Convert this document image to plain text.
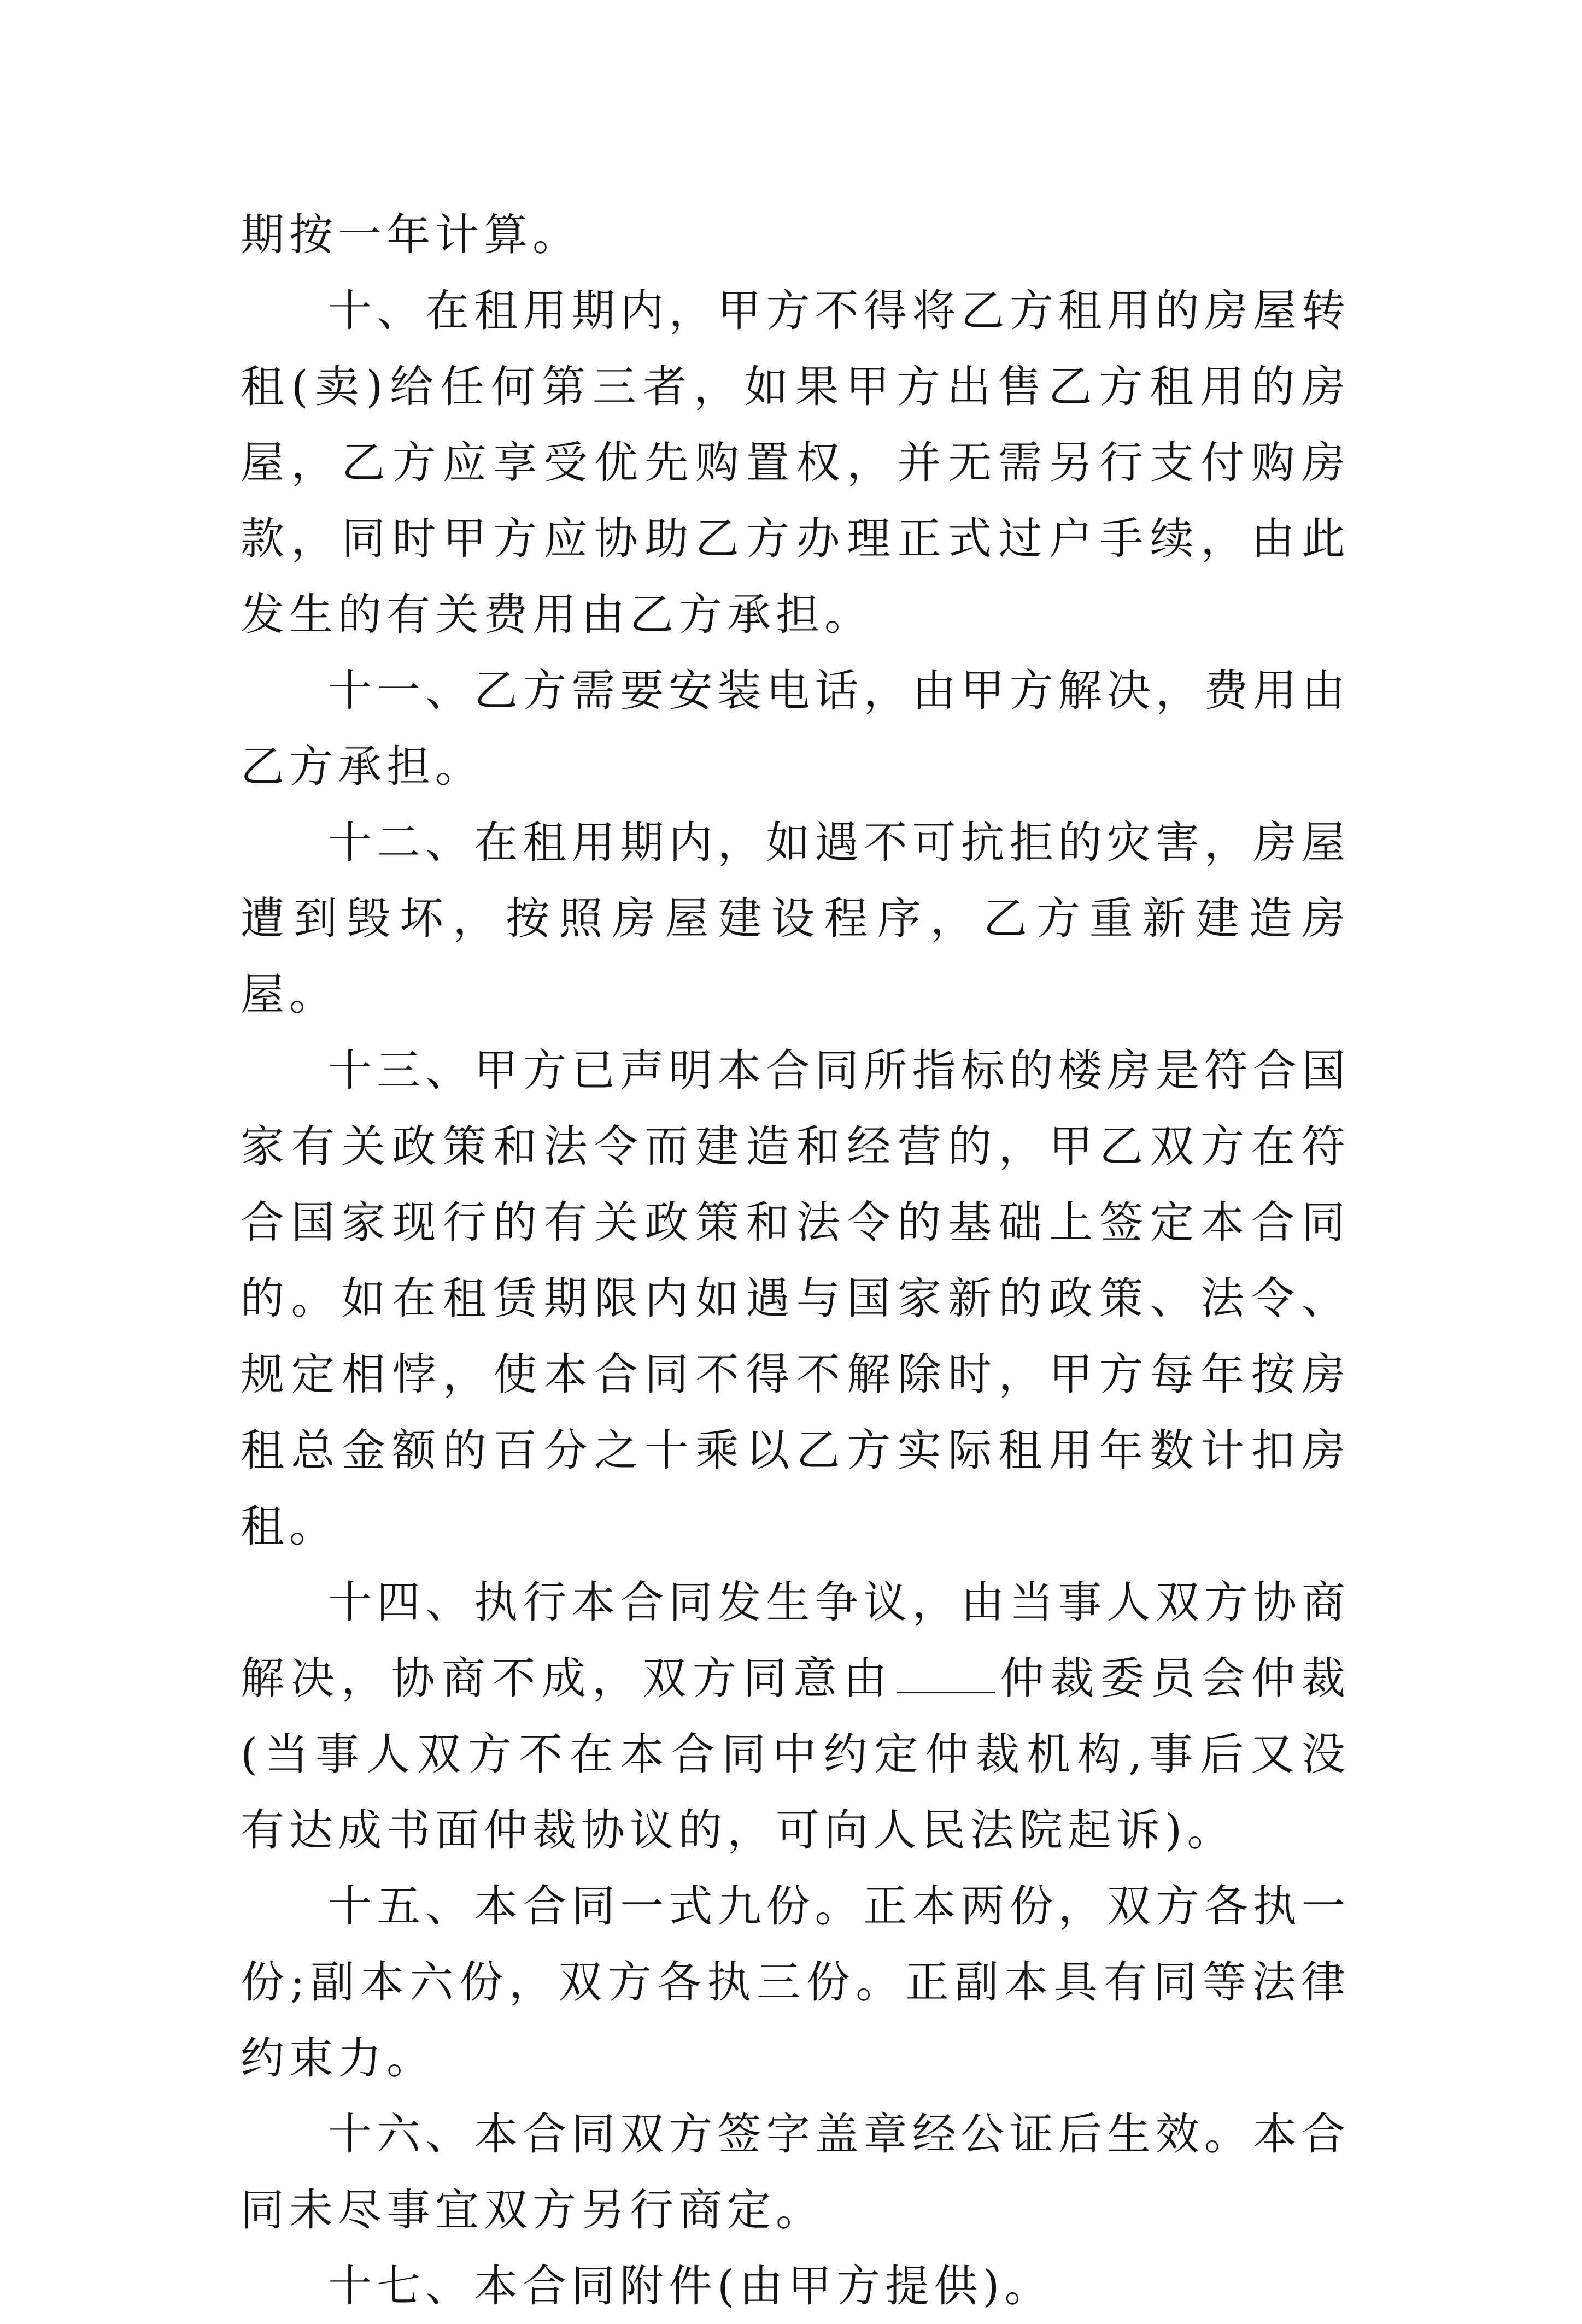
期按一年计算。

十、在租用期内，甲方不得将乙方租用的房屋转租(卖)给任何第三者，如果甲方出售乙方租用的房屋，乙方应享受优先购置权，并无需另行支付购房款，同时甲方应协助乙方办理正式过户手续，由此发生的有关费用由乙方承担。

十一、乙方需要安装电话，由甲方解决，费用由乙方承担。

十二、在租用期内，如遇不可抗拒的灾害，房屋遭到毁坏，按照房屋建设程序，乙方重新建造房屋。

十三、甲方已声明本合同所指标的楼房是符合国家有关政策和法令而建造和经营的，甲乙双方在符合国家现行的有关政策和法令的基础上签定本合同的。如在租赁期限内如遇与国家新的政策、法令、规定相悖，使本合同不得不解除时，甲方每年按房租总金额的百分之十乘以乙方实际租用年数计扣房租。

十四、执行本合同发生争议，由当事人双方协商解决，协商不成，双方同意由 仲裁委员会仲裁(当事人双方不在本合同中约定仲裁机构,事后又没有达成书面仲裁协议的，可向人民法院起诉)。

十五、本合同一式九份。正本两份，双方各执一份;副本六份，双方各执三份。正副本具有同等法律约束力。

十六、本合同双方签字盖章经公证后生效。本合同未尽事宜双方另行商定。

十七、本合同附件(由甲方提供)。
